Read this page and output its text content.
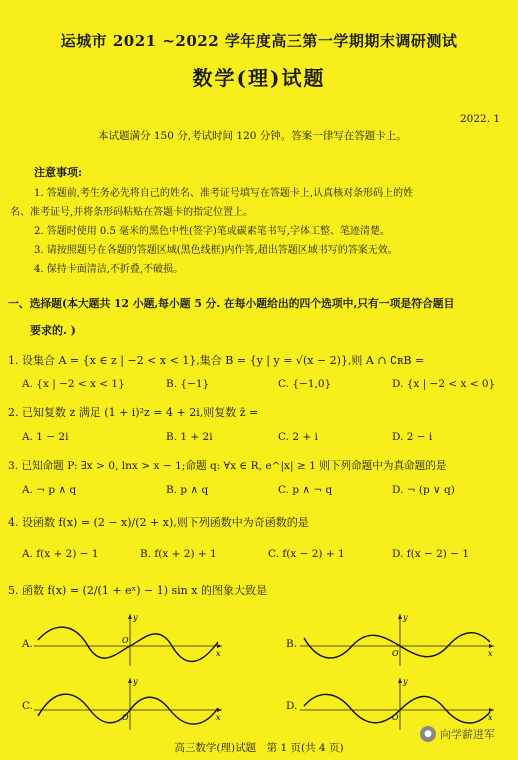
运城市 2021 ~2022 学年度高三第一学期期末调研测试
数学(理)试题
2022. 1
本试题满分 150 分,考试时间 120 分钟。答案一律写在答题卡上。
注意事项:
1. 答题前,考生务必先将自己的姓名、准考证号填写在答题卡上,认真核对条形码上的姓
名、准考证号,并将条形码粘贴在答题卡的指定位置上。
2. 答题时使用 0.5 毫米的黑色中性(签字)笔或碳素笔书写,字体工整、笔迹清楚。
3. 请按照题号在各题的答题区域(黑色线框)内作答,超出答题区域书写的答案无效。
4. 保持卡面清洁,不折叠,不破损。
一、选择题(本大题共 12 小题,每小题 5 分. 在每小题给出的四个选项中,只有一项是符合题目
要求的. )
1. 设集合 A = {x ∈ z | −2 < x < 1},集合 B = {y | y = √(x − 2)},则 A ∩ ∁ʀB =
A. {x | −2 < x < 1}	B. {−1}	C. {−1,0}	D. {x | −2 < x < 0}
2. 已知复数 z 满足 (1 + i)²z = 4 + 2i,则复数 z̄ =
A. 1 − 2i	B. 1 + 2i	C. 2 + i	D. 2 − i
3. 已知命题 P: ∃x > 0, lnx > x − 1;命题 q: ∀x ∈ R, e^|x| ≥ 1 则下列命题中为真命题的是
A. ¬ p ∧ q	B. p ∧ q	C. p ∧ ¬ q	D. ¬ (p ∨ q)
4. 设函数 f(x) = (2 − x)/(2 + x),则下列函数中为奇函数的是
A. f(x + 2) − 1	B. f(x + 2) + 1	C. f(x − 2) + 1	D. f(x − 2) − 1
5. 函数 f(x) = (2/(1 + eˣ) − 1) sin x 的图象大致是
A.	B.
C.	D.
y
x
O
y
x
O
y
x
O
y
x
O
高三数学(理)试题　第 1 页(共 4 页)
● 向学薪进军
